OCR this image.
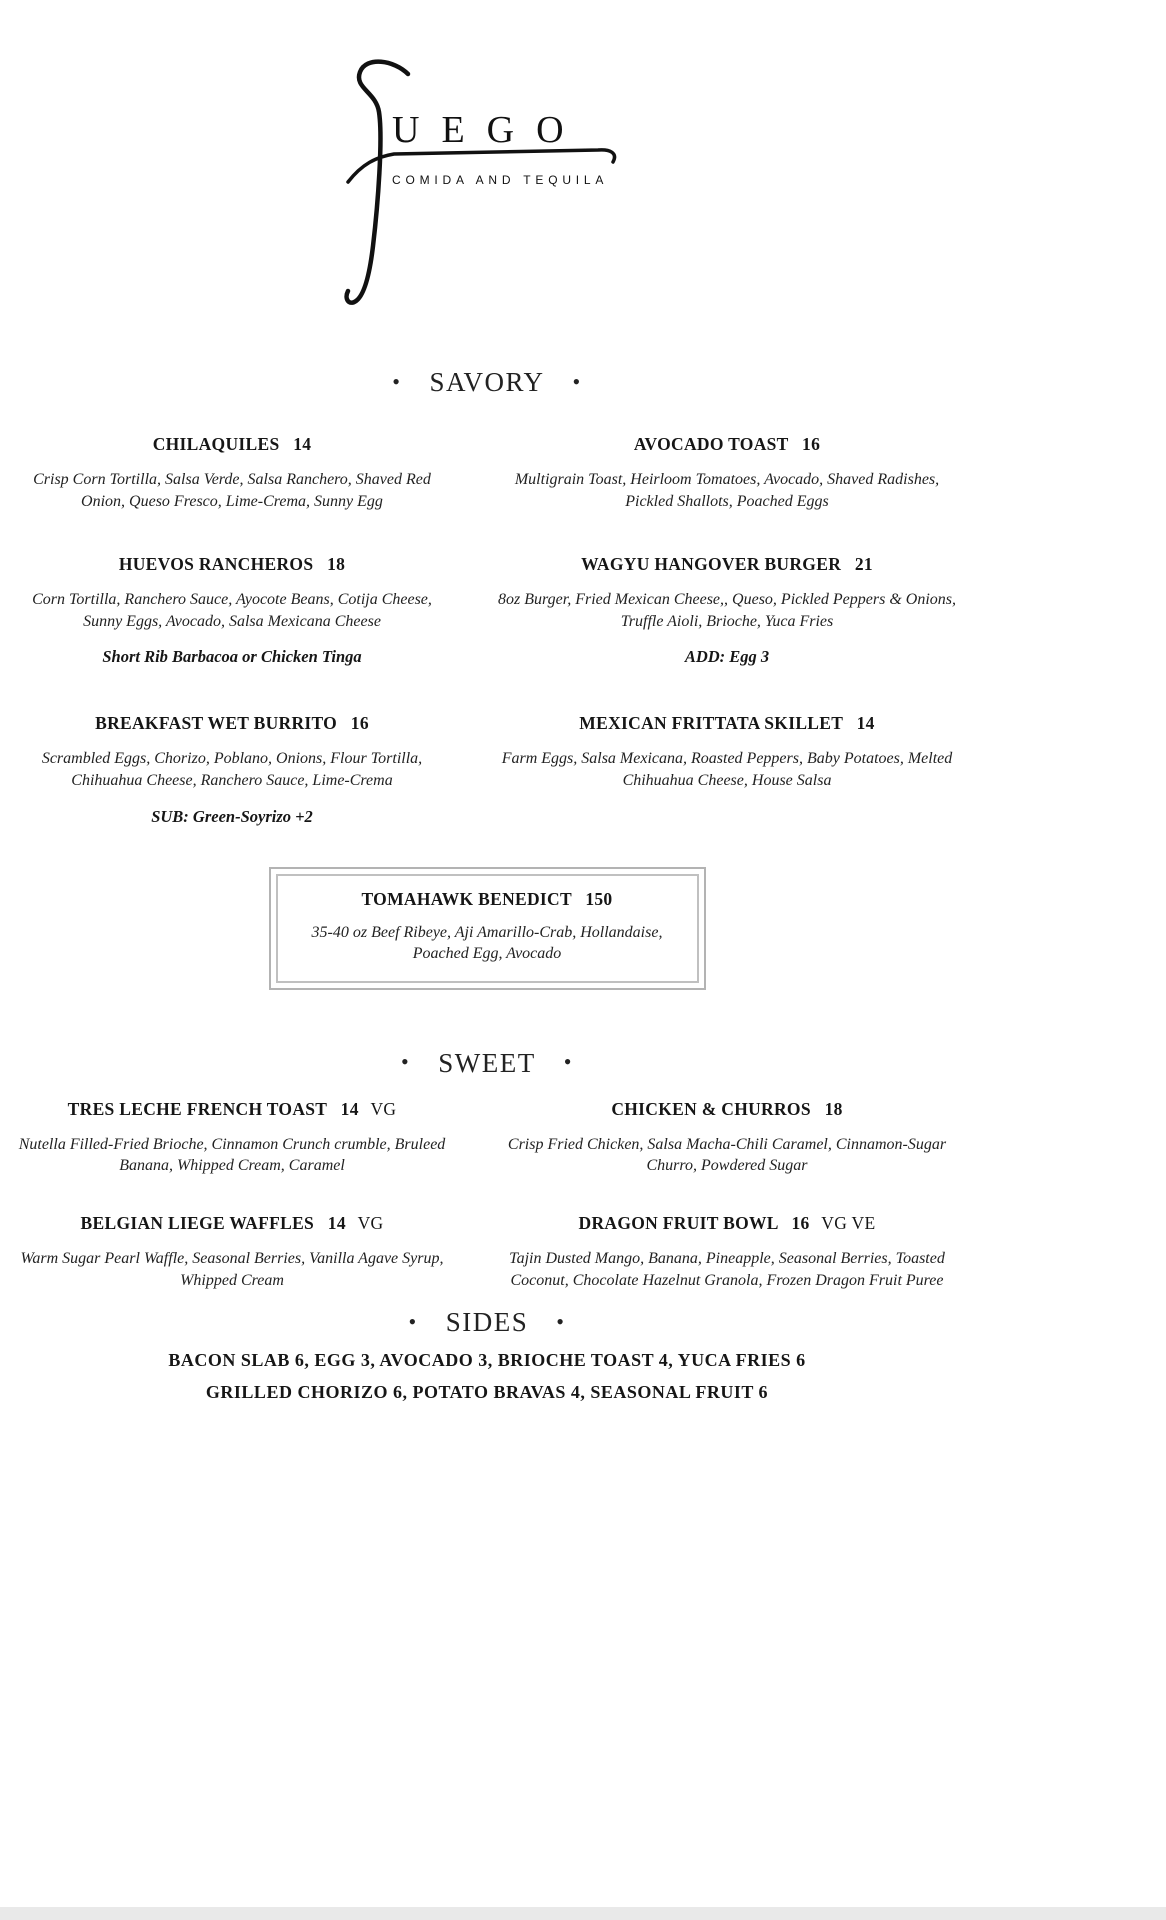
UEGO
COMIDA AND TEQUILA
• SAVORY •
CHILAQUILES 14

Crisp Corn Tortilla, Salsa Verde, Salsa Ranchero, Shaved Red Onion, Queso Fresco, Lime-Crema, Sunny Egg

AVOCADO TOAST 16

Multigrain Toast, Heirloom Tomatoes, Avocado, Shaved Radishes, Pickled Shallots, Poached Eggs

HUEVOS RANCHEROS 18

Corn Tortilla, Ranchero Sauce, Ayocote Beans, Cotija Cheese, Sunny Eggs, Avocado, Salsa Mexicana Cheese

Short Rib Barbacoa or Chicken Tinga

WAGYU HANGOVER BURGER 21

8oz Burger, Fried Mexican Cheese,, Queso, Pickled Peppers & Onions, Truffle Aioli, Brioche, Yuca Fries

ADD: Egg 3

BREAKFAST WET BURRITO 16

Scrambled Eggs, Chorizo, Poblano, Onions, Flour Tortilla, Chihuahua Cheese, Ranchero Sauce, Lime-Crema

SUB: Green-Soyrizo +2

MEXICAN FRITTATA SKILLET 14

Farm Eggs, Salsa Mexicana, Roasted Peppers, Baby Potatoes, Melted Chihuahua Cheese, House Salsa

TOMAHAWK BENEDICT 150

35-40 oz Beef Ribeye, Aji Amarillo-Crab, Hollandaise, Poached Egg, Avocado

• SWEET •
TRES LECHE FRENCH TOAST 14 VG

Nutella Filled-Fried Brioche, Cinnamon Crunch crumble, Bruleed Banana, Whipped Cream, Caramel

CHICKEN & CHURROS 18

Crisp Fried Chicken, Salsa Macha-Chili Caramel, Cinnamon-Sugar Churro, Powdered Sugar

BELGIAN LIEGE WAFFLES 14 VG

Warm Sugar Pearl Waffle, Seasonal Berries, Vanilla Agave Syrup, Whipped Cream

DRAGON FRUIT BOWL 16 VG VE

Tajin Dusted Mango, Banana, Pineapple, Seasonal Berries, Toasted Coconut, Chocolate Hazelnut Granola, Frozen Dragon Fruit Puree

• SIDES •

BACON SLAB 6, EGG 3, AVOCADO 3, BRIOCHE TOAST 4, YUCA FRIES 6

GRILLED CHORIZO 6, POTATO BRAVAS 4, SEASONAL FRUIT 6
